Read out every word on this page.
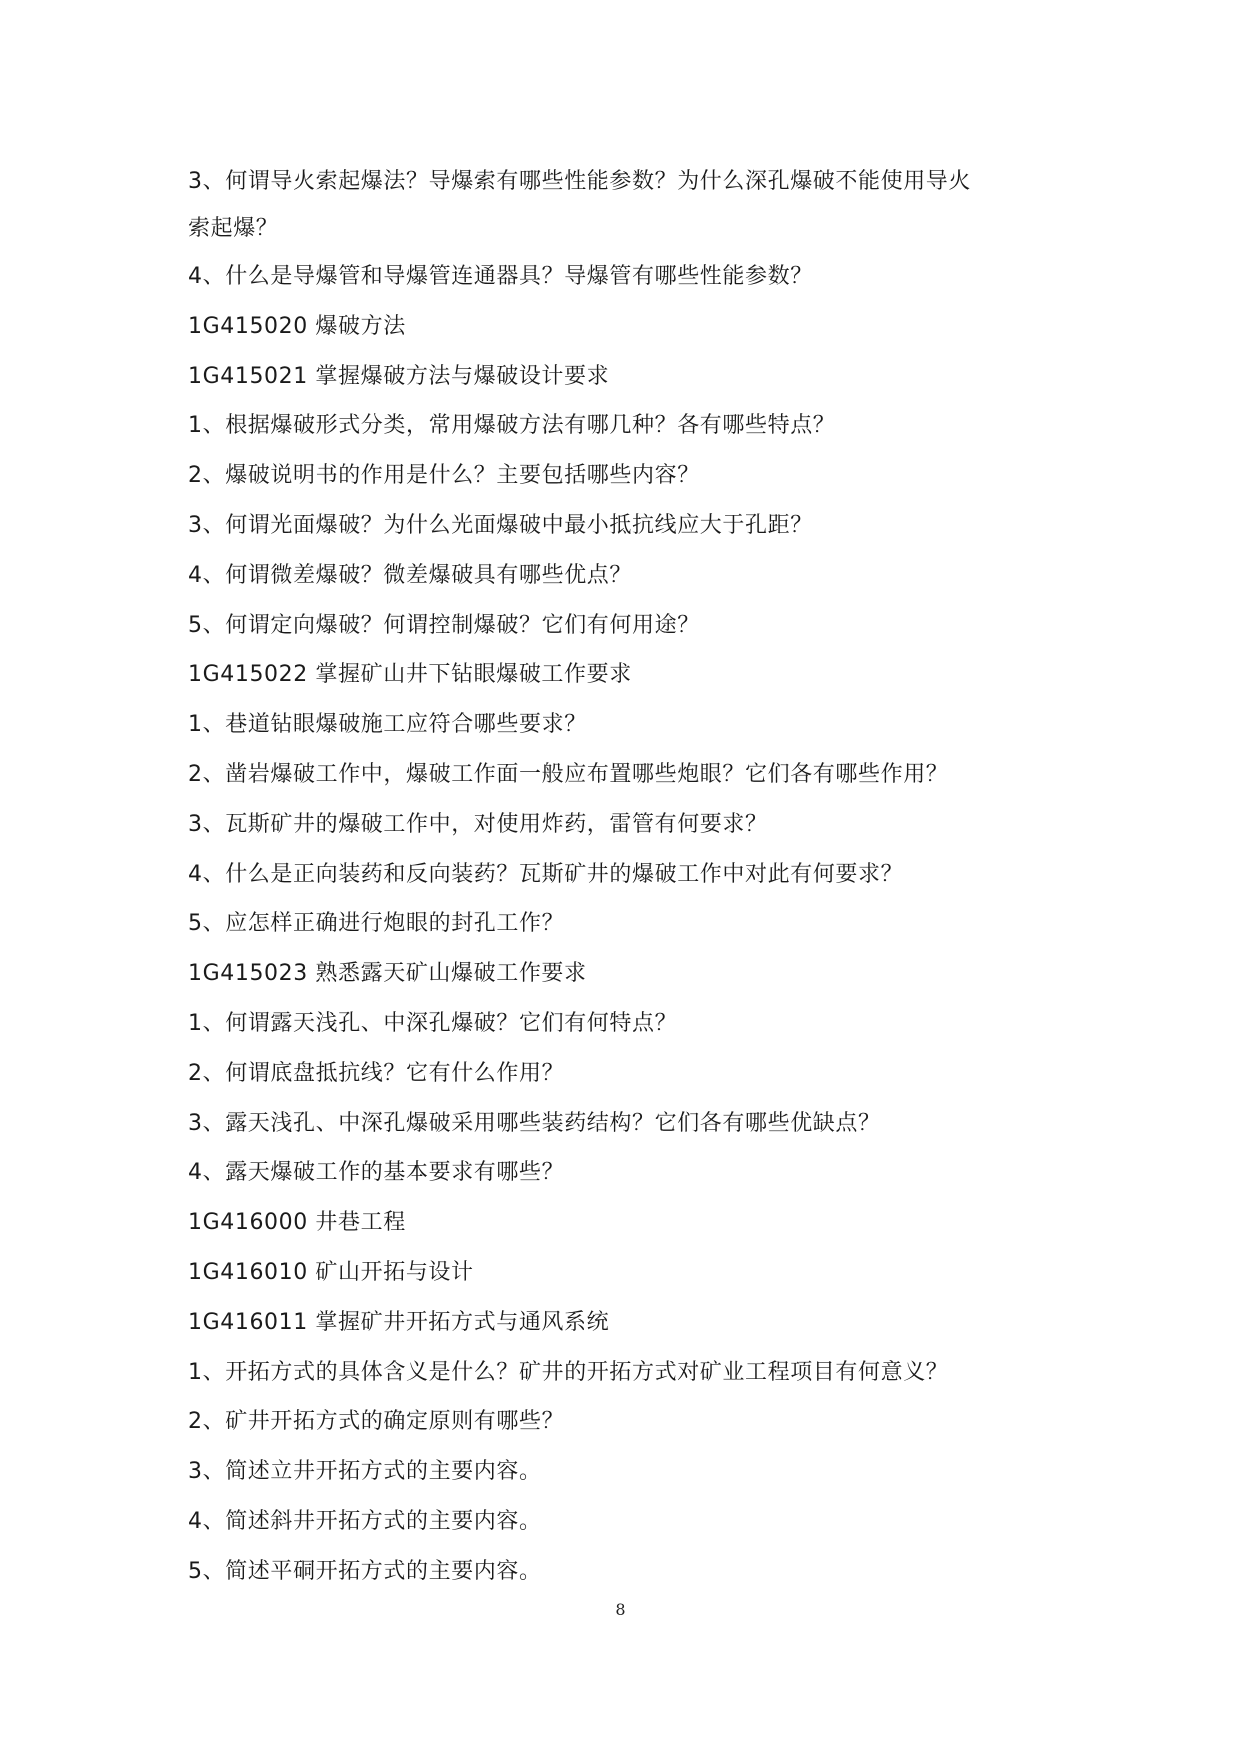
3、何谓导火索起爆法？导爆索有哪些性能参数？为什么深孔爆破不能使用导火索起爆？
4、什么是导爆管和导爆管连通器具？导爆管有哪些性能参数？
1G415020 爆破方法
1G415021 掌握爆破方法与爆破设计要求
1、根据爆破形式分类，常用爆破方法有哪几种？各有哪些特点？
2、爆破说明书的作用是什么？主要包括哪些内容？
3、何谓光面爆破？为什么光面爆破中最小抵抗线应大于孔距？
4、何谓微差爆破？微差爆破具有哪些优点？
5、何谓定向爆破？何谓控制爆破？它们有何用途？
1G415022 掌握矿山井下钻眼爆破工作要求
1、巷道钻眼爆破施工应符合哪些要求？
2、凿岩爆破工作中，爆破工作面一般应布置哪些炮眼？它们各有哪些作用？
3、瓦斯矿井的爆破工作中，对使用炸药，雷管有何要求？
4、什么是正向装药和反向装药？瓦斯矿井的爆破工作中对此有何要求？
5、应怎样正确进行炮眼的封孔工作？
1G415023 熟悉露天矿山爆破工作要求
1、何谓露天浅孔、中深孔爆破？它们有何特点？
2、何谓底盘抵抗线？它有什么作用？
3、露天浅孔、中深孔爆破采用哪些装药结构？它们各有哪些优缺点？
4、露天爆破工作的基本要求有哪些？
1G416000 井巷工程
1G416010 矿山开拓与设计
1G416011 掌握矿井开拓方式与通风系统
1、开拓方式的具体含义是什么？矿井的开拓方式对矿业工程项目有何意义？
2、矿井开拓方式的确定原则有哪些？
3、简述立井开拓方式的主要内容。
4、简述斜井开拓方式的主要内容。
5、简述平硐开拓方式的主要内容。
8
